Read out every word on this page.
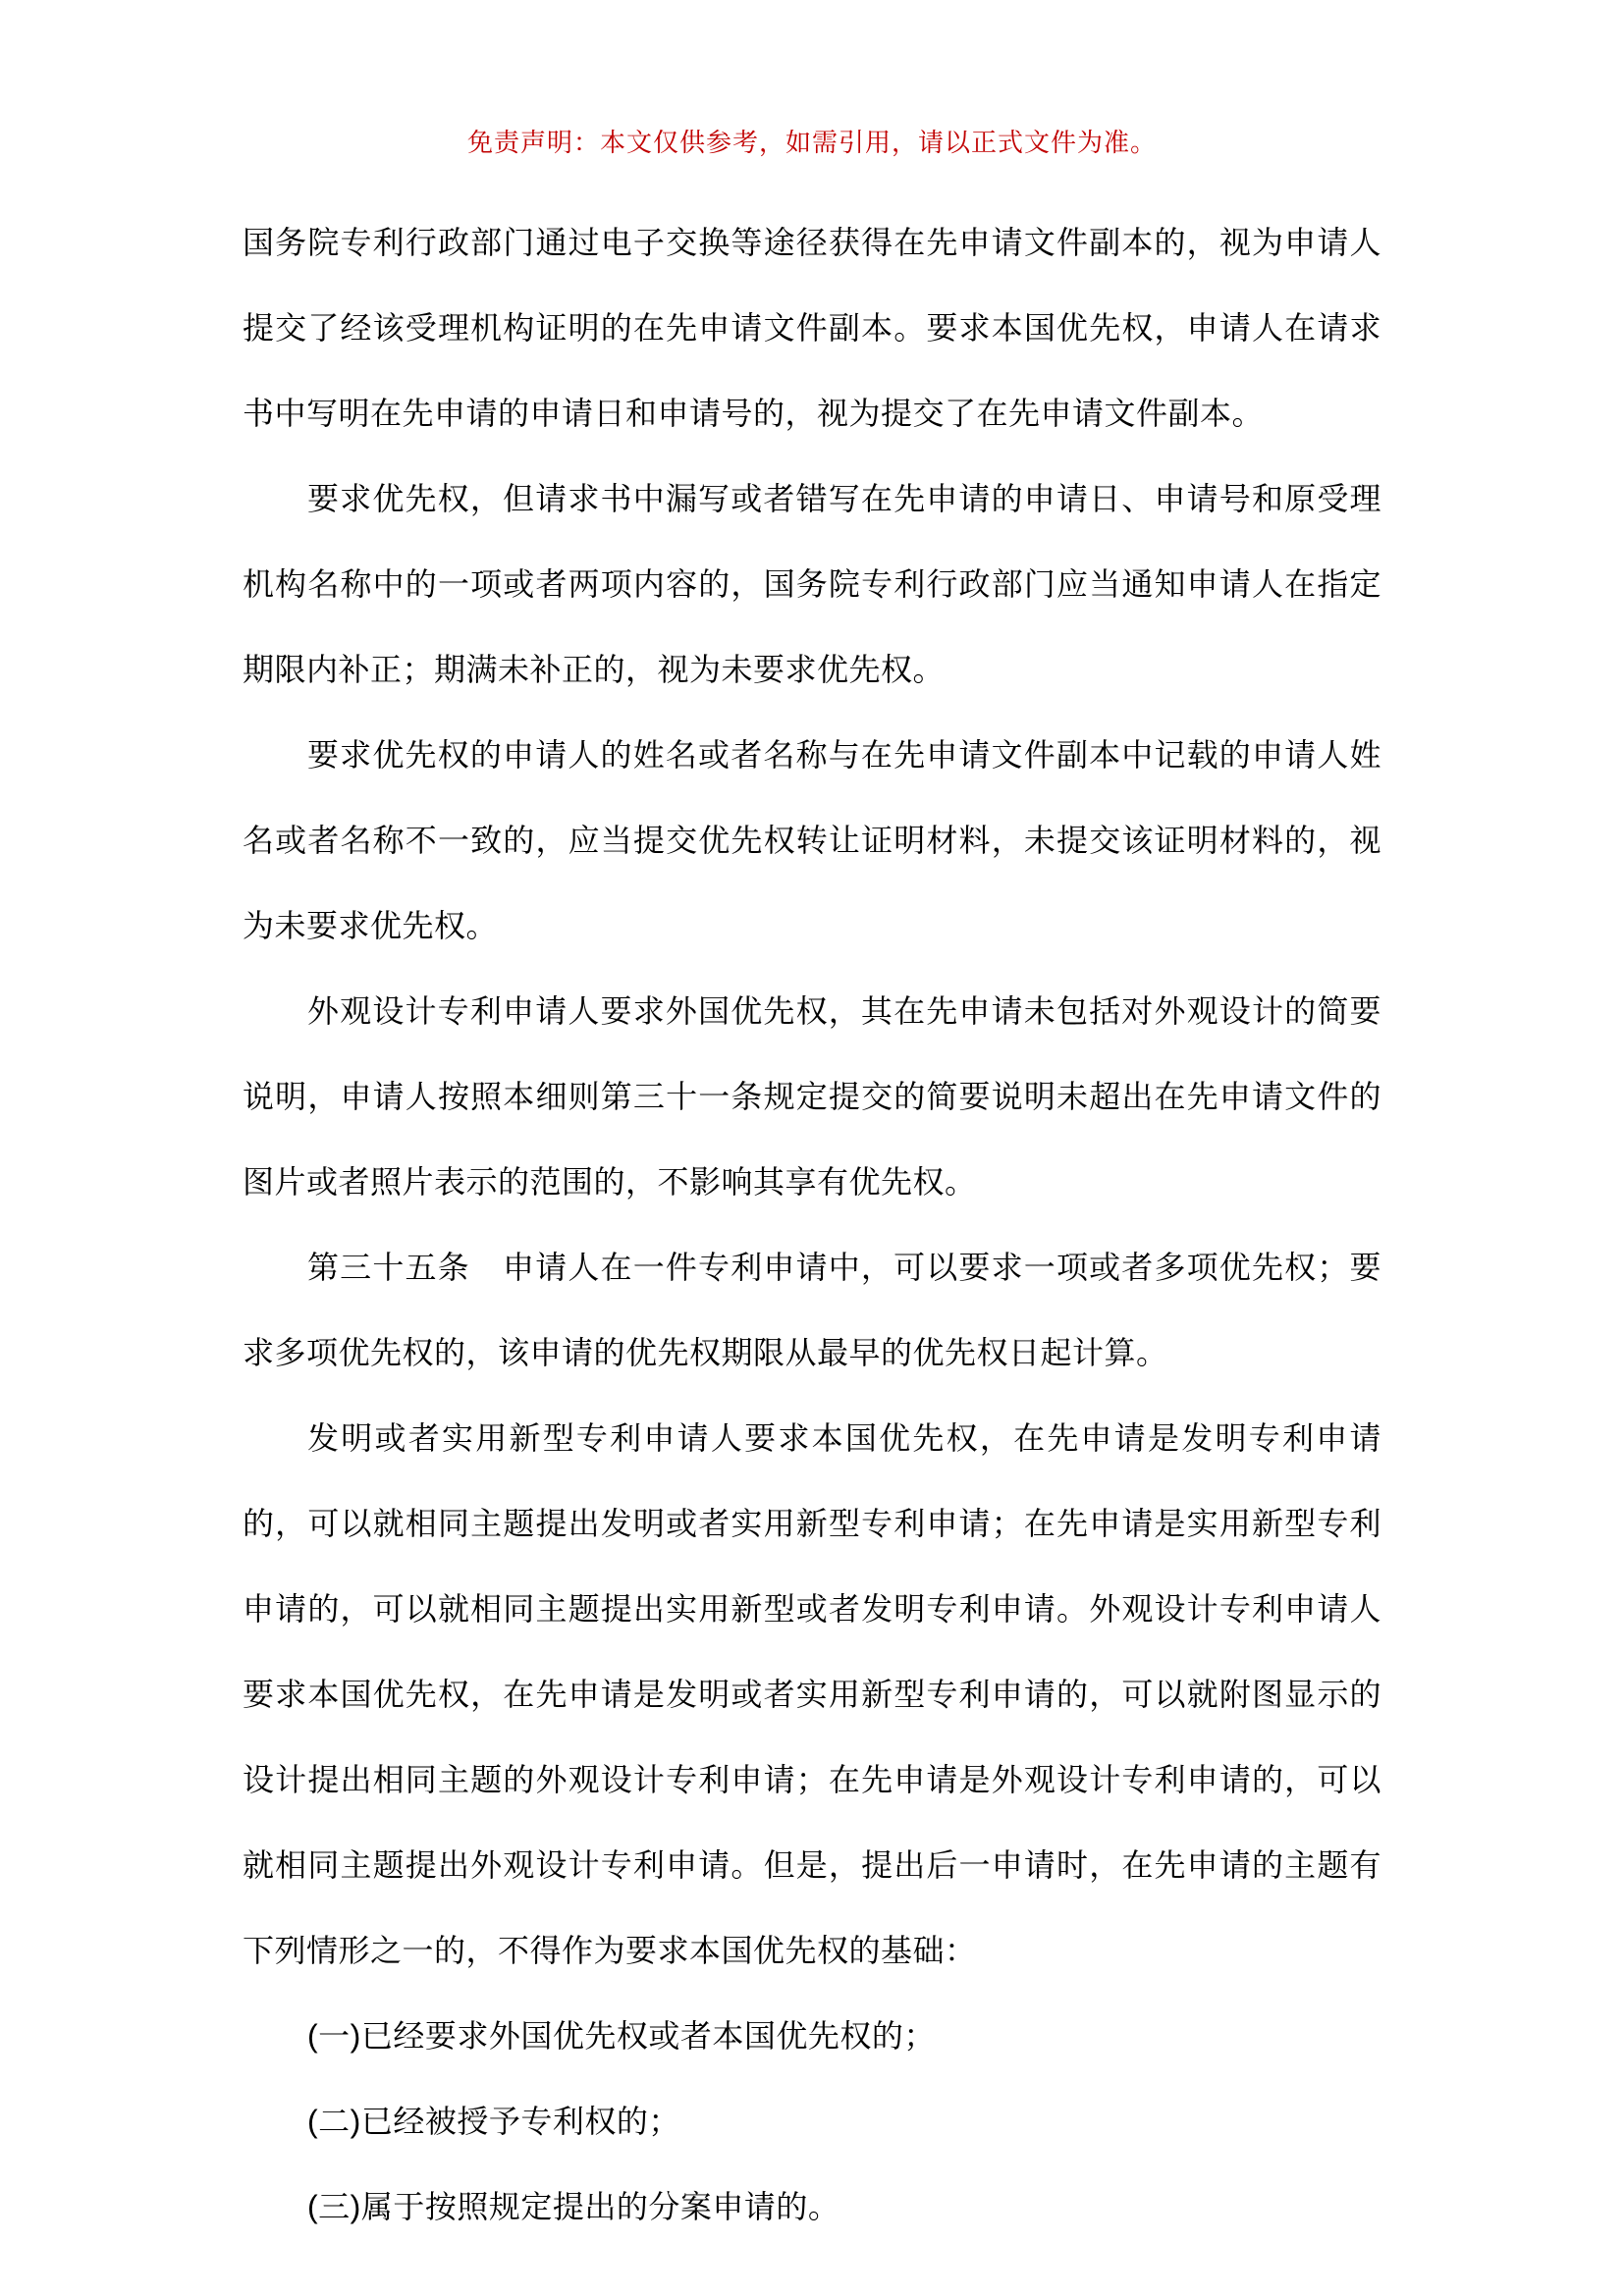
免责声明：本文仅供参考，如需引用，请以正式文件为准。

国务院专利行政部门通过电子交换等途径获得在先申请文件副本的，视为申请人提交了经该受理机构证明的在先申请文件副本。要求本国优先权，申请人在请求书中写明在先申请的申请日和申请号的，视为提交了在先申请文件副本。

要求优先权，但请求书中漏写或者错写在先申请的申请日、申请号和原受理机构名称中的一项或者两项内容的，国务院专利行政部门应当通知申请人在指定期限内补正；期满未补正的，视为未要求优先权。

要求优先权的申请人的姓名或者名称与在先申请文件副本中记载的申请人姓名或者名称不一致的，应当提交优先权转让证明材料，未提交该证明材料的，视为未要求优先权。

外观设计专利申请人要求外国优先权，其在先申请未包括对外观设计的简要说明，申请人按照本细则第三十一条规定提交的简要说明未超出在先申请文件的图片或者照片表示的范围的，不影响其享有优先权。

第三十五条　申请人在一件专利申请中，可以要求一项或者多项优先权；要求多项优先权的，该申请的优先权期限从最早的优先权日起计算。

发明或者实用新型专利申请人要求本国优先权，在先申请是发明专利申请的，可以就相同主题提出发明或者实用新型专利申请；在先申请是实用新型专利申请的，可以就相同主题提出实用新型或者发明专利申请。外观设计专利申请人要求本国优先权，在先申请是发明或者实用新型专利申请的，可以就附图显示的设计提出相同主题的外观设计专利申请；在先申请是外观设计专利申请的，可以就相同主题提出外观设计专利申请。但是，提出后一申请时，在先申请的主题有下列情形之一的，不得作为要求本国优先权的基础：

(一)已经要求外国优先权或者本国优先权的；

(二)已经被授予专利权的；

(三)属于按照规定提出的分案申请的。
